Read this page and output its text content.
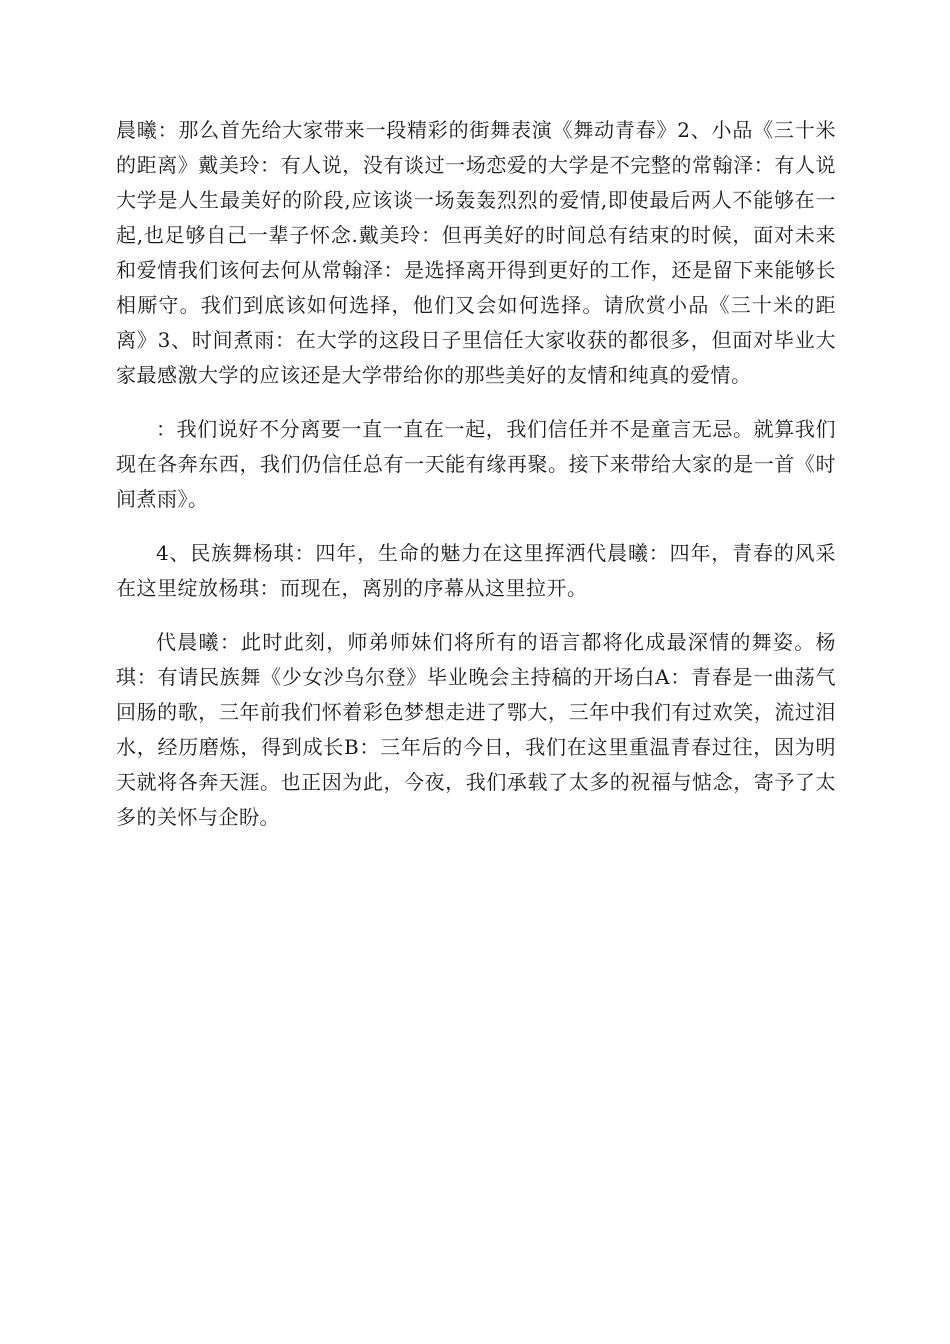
晨曦：那么首先给大家带来一段精彩的街舞表演《舞动青春》2、小品《三十米的距离》戴美玲：有人说，没有谈过一场恋爱的大学是不完整的常翰泽：有人说大学是人生最美好的阶段,应该谈一场轰轰烈烈的爱情,即使最后两人不能够在一起,也足够自己一辈子怀念.戴美玲：但再美好的时间总有结束的时候，面对未来和爱情我们该何去何从常翰泽：是选择离开得到更好的工作，还是留下来能够长相厮守。我们到底该如何选择，他们又会如何选择。请欣赏小品《三十米的距离》3、时间煮雨：在大学的这段日子里信任大家收获的都很多，但面对毕业大家最感激大学的应该还是大学带给你的那些美好的友情和纯真的爱情。

：我们说好不分离要一直一直在一起，我们信任并不是童言无忌。就算我们现在各奔东西，我们仍信任总有一天能有缘再聚。接下来带给大家的是一首《时间煮雨》。

4、民族舞杨琪：四年，生命的魅力在这里挥洒代晨曦：四年，青春的风采在这里绽放杨琪：而现在，离别的序幕从这里拉开。

代晨曦：此时此刻，师弟师妹们将所有的语言都将化成最深情的舞姿。杨琪：有请民族舞《少女沙乌尔登》毕业晚会主持稿的开场白A：青春是一曲荡气回肠的歌，三年前我们怀着彩色梦想走进了鄂大，三年中我们有过欢笑，流过泪水，经历磨炼，得到成长B：三年后的今日，我们在这里重温青春过往，因为明天就将各奔天涯。也正因为此，今夜，我们承载了太多的祝福与惦念，寄予了太多的关怀与企盼。
